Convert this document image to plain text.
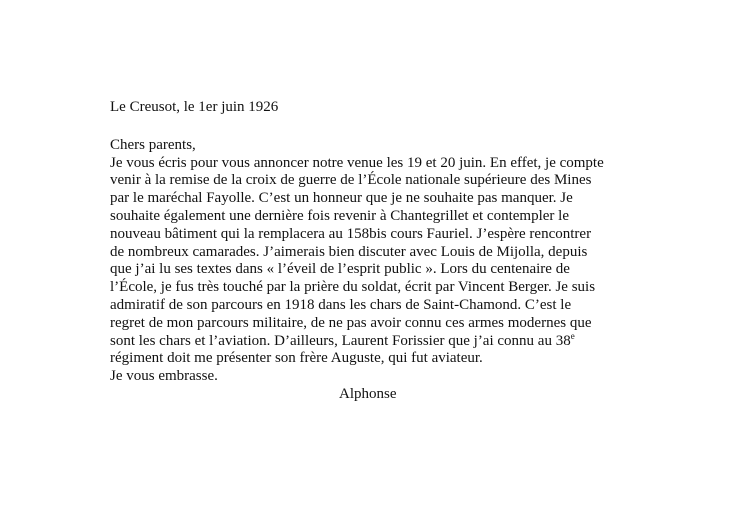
Le Creusot, le 1er juin 1926

Chers parents,

Je vous écris pour vous annoncer notre venue les 19 et 20 juin. En effet, je compte
venir à la remise de la croix de guerre de l’École nationale supérieure des Mines
par le maréchal Fayolle. C’est un honneur que je ne souhaite pas manquer. Je
souhaite également une dernière fois revenir à Chantegrillet et contempler le
nouveau bâtiment qui la remplacera au 158bis cours Fauriel. J’espère rencontrer
de nombreux camarades. J’aimerais bien discuter avec Louis de Mijolla, depuis
que j’ai lu ses textes dans « l’éveil de l’esprit public ». Lors du centenaire de
l’École, je fus très touché par la prière du soldat, écrit par Vincent Berger. Je suis
admiratif de son parcours en 1918 dans les chars de Saint-Chamond. C’est le
regret de mon parcours militaire, de ne pas avoir connu ces armes modernes que
sont les chars et l’aviation. D’ailleurs, Laurent Forissier que j’ai connu au 38e
régiment doit me présenter son frère Auguste, qui fut aviateur.

Je vous embrasse.

Alphonse
